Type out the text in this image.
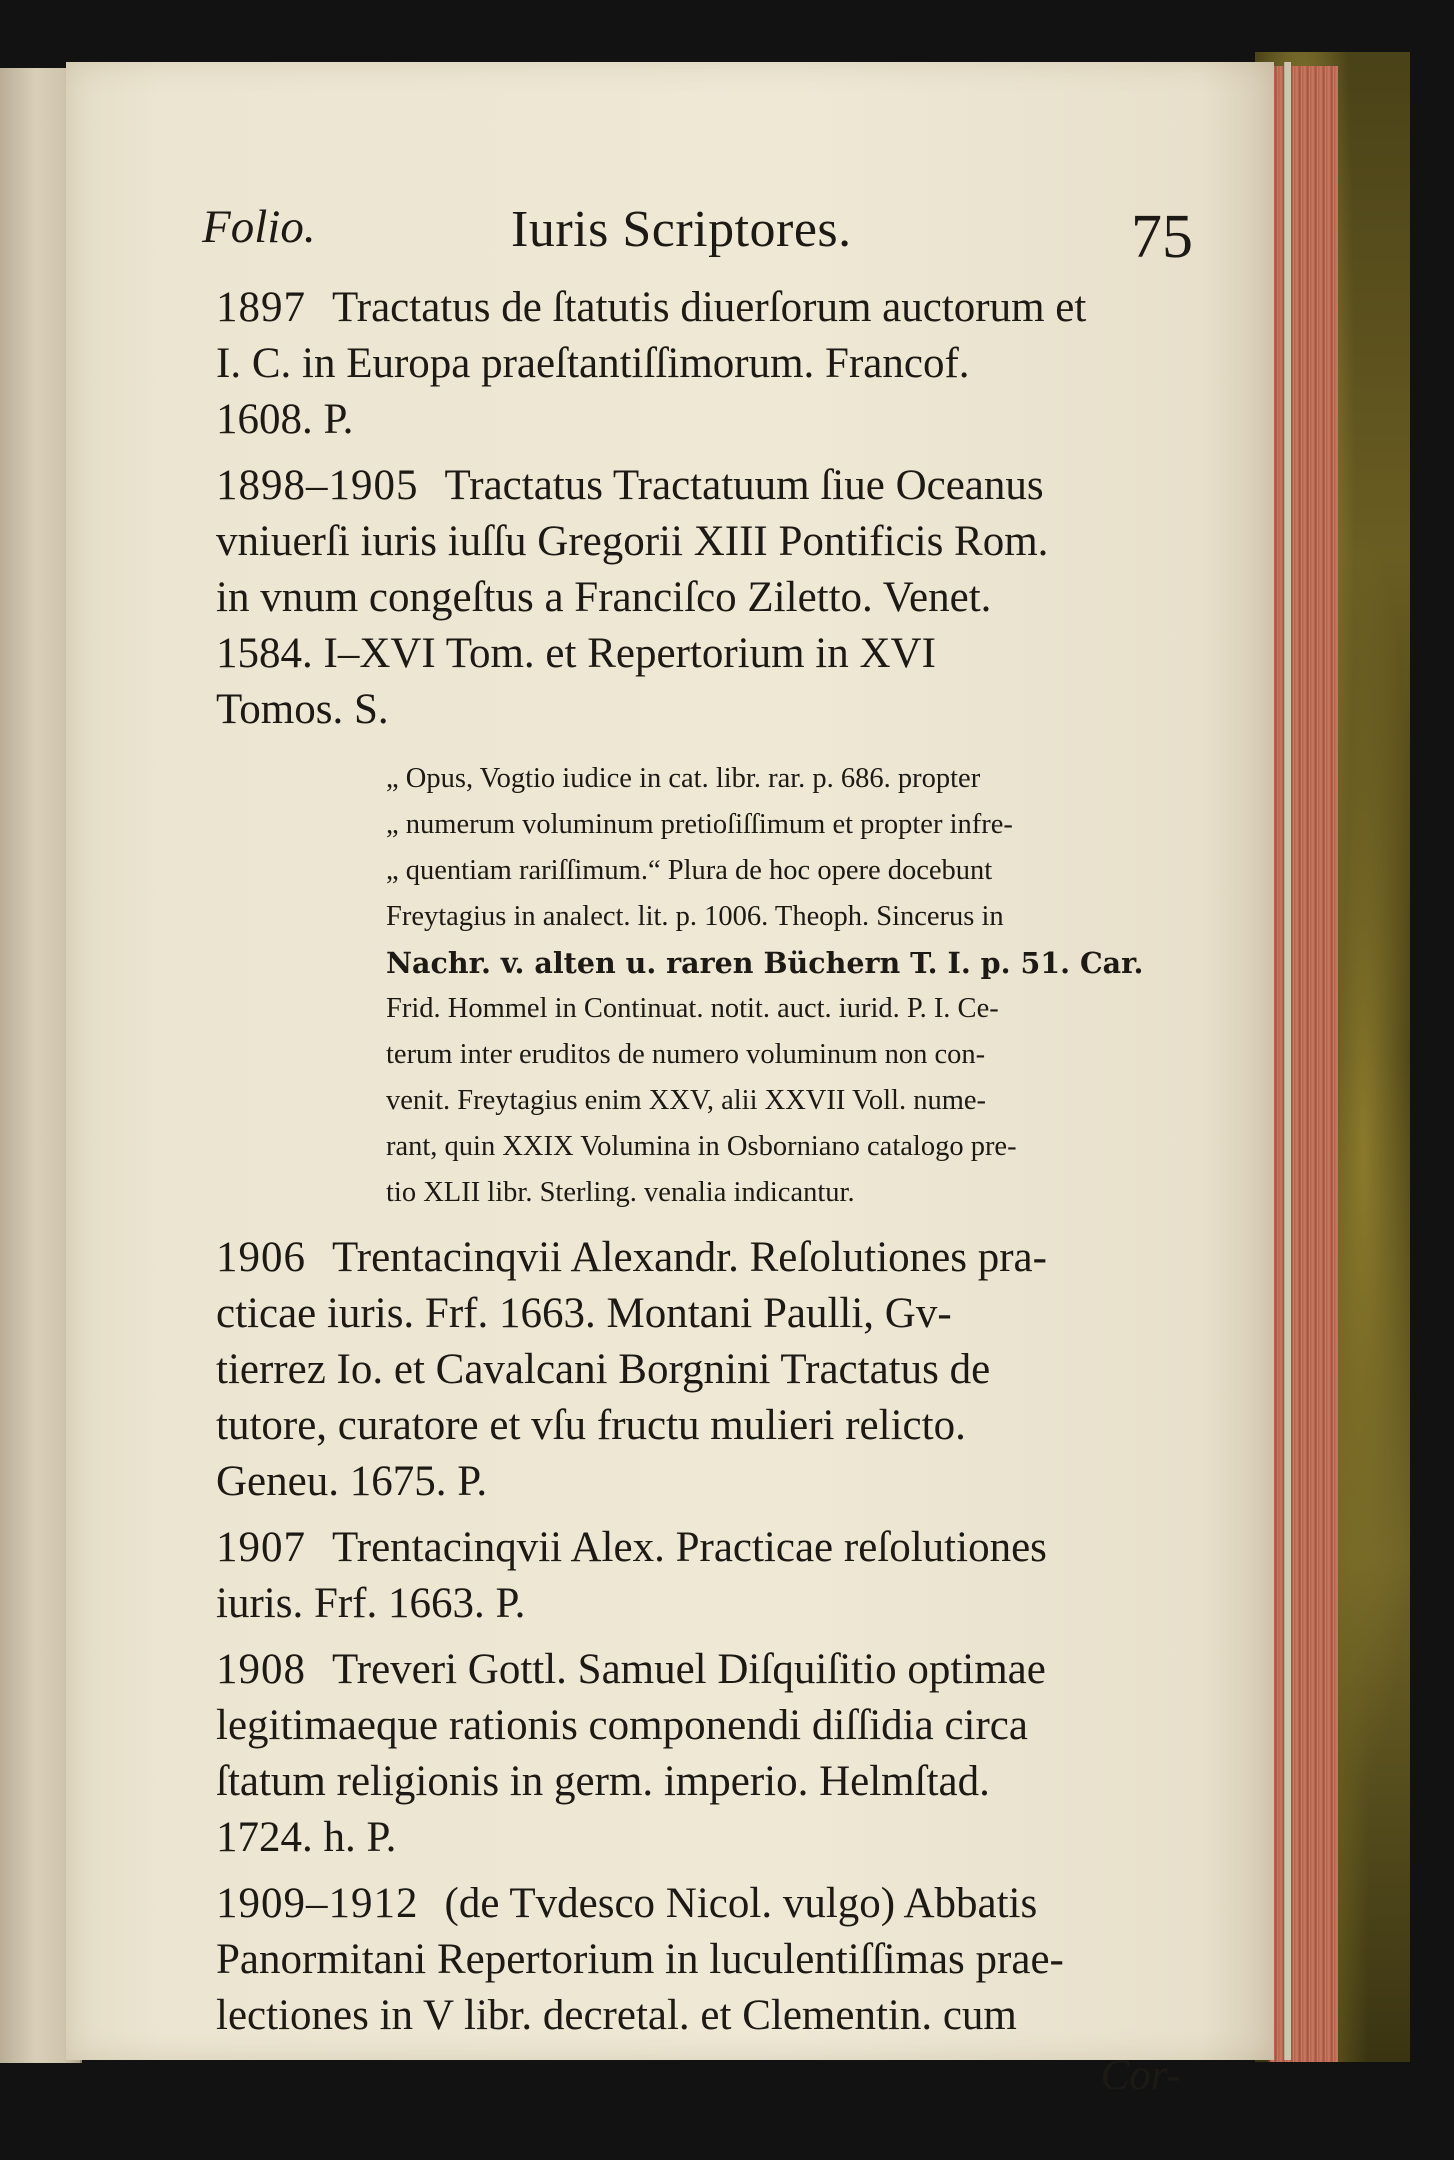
Folio.	Iuris Scriptores.	75
1897 Tractatus de ſtatutis diuerſorum auctorum et
I. C. in Europa praeſtantiſſimorum. Francof.
1608. P.
1898–1905 Tractatus Tractatuum ſiue Oceanus
vniuerſi iuris iuſſu Gregorii XIII Pontificis Rom.
in vnum congeſtus a Franciſco Ziletto. Venet.
1584. I–XVI Tom. et Repertorium in XVI
Tomos. S.
„ Opus, Vogtio iudice in cat. libr. rar. p. 686. propter
„ numerum voluminum pretioſiſſimum et propter infre-
„ quentiam rariſſimum.“ Plura de hoc opere docebunt
Freytagius in analect. lit. p. 1006. Theoph. Sincerus in
Nachr. v. alten u. raren Büchern T. I. p. 51. Car.
Frid. Hommel in Continuat. notit. auct. iurid. P. I. Ce-
terum inter eruditos de numero voluminum non con-
venit. Freytagius enim XXV, alii XXVII Voll. nume-
rant, quin XXIX Volumina in Osborniano catalogo pre-
tio XLII libr. Sterling. venalia indicantur.
1906 Trentacinqvii Alexandr. Reſolutiones pra-
cticae iuris. Frf. 1663. Montani Paulli, Gv-
tierrez Io. et Cavalcani Borgnini Tractatus de
tutore, curatore et vſu fructu mulieri relicto.
Geneu. 1675. P.
1907 Trentacinqvii Alex. Practicae reſolutiones
iuris. Frf. 1663. P.
1908 Treveri Gottl. Samuel Diſquiſitio optimae
legitimaeque rationis componendi diſſidia circa
ſtatum religionis in germ. imperio. Helmſtad.
1724. h. P.
1909–1912 (de Tvdesco Nicol. vulgo) Abbatis
Panormitani Repertorium in luculentiſſimas prae-
lectiones in V libr. decretal. et Clementin. cum
Cor-
